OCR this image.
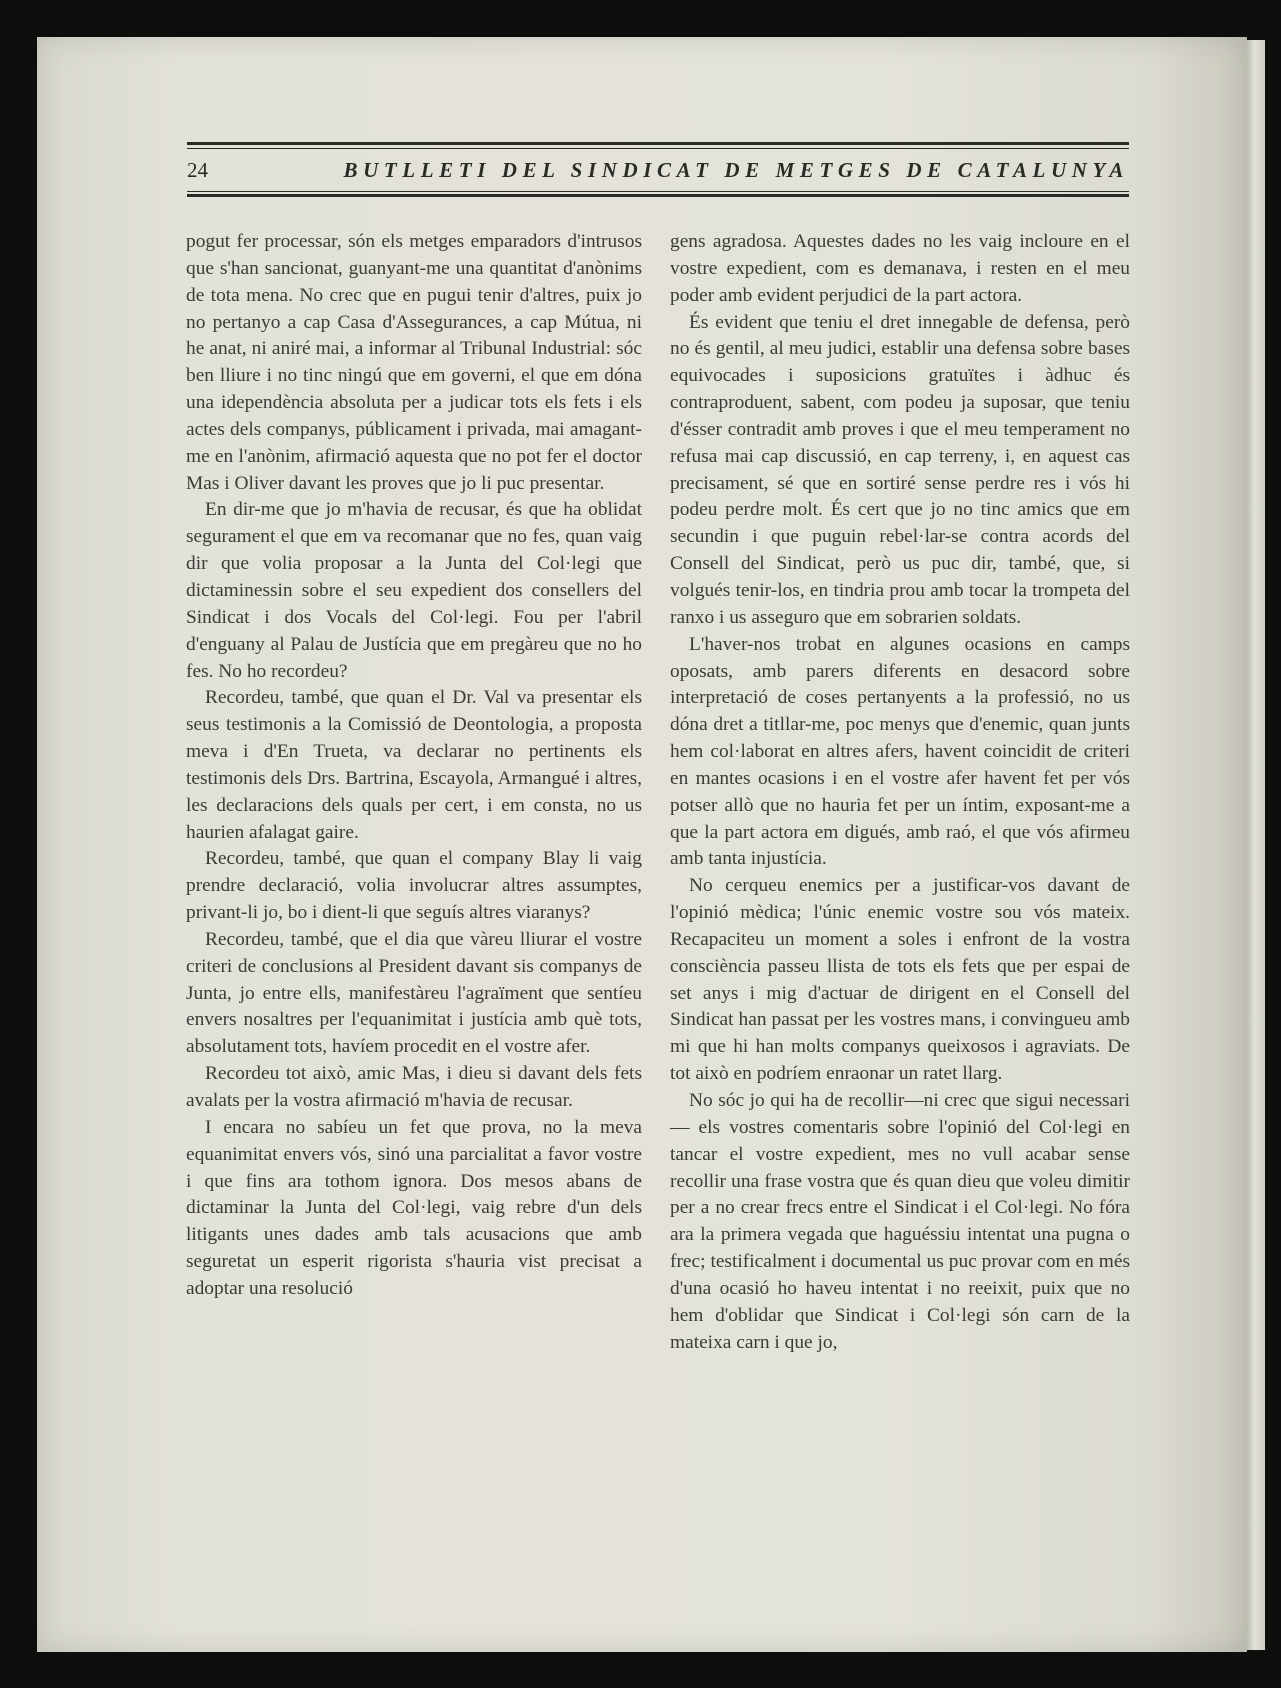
24	BUTLLETI DEL SINDICAT DE METGES DE CATALUNYA

pogut fer processar, són els metges emparadors d'intrusos que s'han sancionat, guanyant-me una quantitat d'anònims de tota mena. No crec que en pugui tenir d'altres, puix jo no pertanyo a cap Casa d'Assegurances, a cap Mútua, ni he anat, ni aniré mai, a informar al Tribunal Industrial: sóc ben lliure i no tinc ningú que em governi, el que em dóna una idependència absoluta per a judicar tots els fets i els actes dels companys, públicament i privada, mai amagant-me en l'anònim, afirmació aquesta que no pot fer el doctor Mas i Oliver davant les proves que jo li puc presentar.

En dir-me que jo m'havia de recusar, és que ha oblidat segurament el que em va recomanar que no fes, quan vaig dir que volia proposar a la Junta del Col·legi que dictaminessin sobre el seu expedient dos consellers del Sindicat i dos Vocals del Col·legi. Fou per l'abril d'enguany al Palau de Justícia que em pregàreu que no ho fes. No ho recordeu?

Recordeu, també, que quan el Dr. Val va presentar els seus testimonis a la Comissió de Deontologia, a proposta meva i d'En Trueta, va declarar no pertinents els testimonis dels Drs. Bartrina, Escayola, Armangué i altres, les declaracions dels quals per cert, i em consta, no us haurien afalagat gaire.

Recordeu, també, que quan el company Blay li vaig prendre declaració, volia involucrar altres assumptes, privant-li jo, bo i dient-li que seguís altres viaranys?

Recordeu, també, que el dia que vàreu lliurar el vostre criteri de conclusions al President davant sis companys de Junta, jo entre ells, manifestàreu l'agraïment que sentíeu envers nosaltres per l'equanimitat i justícia amb què tots, absolutament tots, havíem procedit en el vostre afer.

Recordeu tot això, amic Mas, i dieu si davant dels fets avalats per la vostra afirmació m'havia de recusar.

I encara no sabíeu un fet que prova, no la meva equanimitat envers vós, sinó una parcialitat a favor vostre i que fins ara tothom ignora. Dos mesos abans de dictaminar la Junta del Col·legi, vaig rebre d'un dels litigants unes dades amb tals acusacions que amb seguretat un esperit rigorista s'hauria vist precisat a adoptar una resolució

gens agradosa. Aquestes dades no les vaig incloure en el vostre expedient, com es demanava, i resten en el meu poder amb evident perjudici de la part actora.

És evident que teniu el dret innegable de defensa, però no és gentil, al meu judici, establir una defensa sobre bases equivocades i suposicions gratuïtes i àdhuc és contraproduent, sabent, com podeu ja suposar, que teniu d'ésser contradit amb proves i que el meu temperament no refusa mai cap discussió, en cap terreny, i, en aquest cas precisament, sé que en sortiré sense perdre res i vós hi podeu perdre molt. És cert que jo no tinc amics que em secundin i que puguin rebel·lar-se contra acords del Consell del Sindicat, però us puc dir, també, que, si volgués tenir-los, en tindria prou amb tocar la trompeta del ranxo i us asseguro que em sobrarien soldats.

L'haver-nos trobat en algunes ocasions en camps oposats, amb parers diferents en desacord sobre interpretació de coses pertanyents a la professió, no us dóna dret a titllar-me, poc menys que d'enemic, quan junts hem col·laborat en altres afers, havent coincidit de criteri en mantes ocasions i en el vostre afer havent fet per vós potser allò que no hauria fet per un íntim, exposant-me a que la part actora em digués, amb raó, el que vós afirmeu amb tanta injustícia.

No cerqueu enemics per a justificar-vos davant de l'opinió mèdica; l'únic enemic vostre sou vós mateix. Recapaciteu un moment a soles i enfront de la vostra consciència passeu llista de tots els fets que per espai de set anys i mig d'actuar de dirigent en el Consell del Sindicat han passat per les vostres mans, i convingueu amb mi que hi han molts companys queixosos i agraviats. De tot això en podríem enraonar un ratet llarg.

No sóc jo qui ha de recollir—ni crec que sigui necessari— els vostres comentaris sobre l'opinió del Col·legi en tancar el vostre expedient, mes no vull acabar sense recollir una frase vostra que és quan dieu que voleu dimitir per a no crear frecs entre el Sindicat i el Col·legi. No fóra ara la primera vegada que haguéssiu intentat una pugna o frec; testificalment i documental us puc provar com en més d'una ocasió ho haveu intentat i no reeixit, puix que no hem d'oblidar que Sindicat i Col·legi són carn de la mateixa carn i que jo,
